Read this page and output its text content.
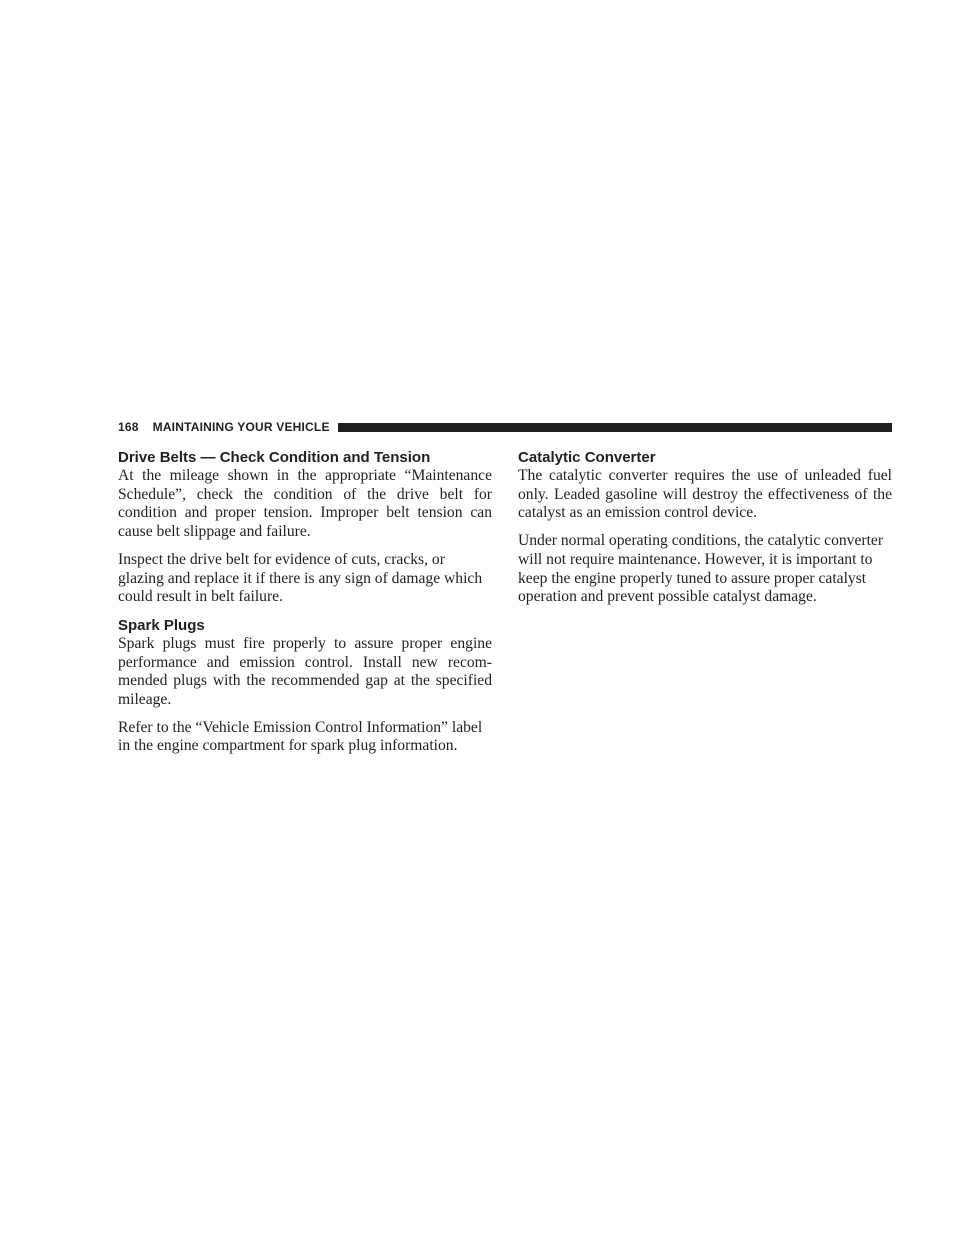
168 MAINTAINING YOUR VEHICLE
Drive Belts — Check Condition and Tension

At the mileage shown in the appropriate “Maintenance Schedule”, check the condition of the drive belt for condition and proper tension. Improper belt tension can cause belt slippage and failure.

Inspect the drive belt for evidence of cuts, cracks, or glazing and replace it if there is any sign of damage which could result in belt failure.

Spark Plugs

Spark plugs must fire properly to assure proper engine performance and emission control. Install new recommended plugs with the recommended gap at the specified mileage.

Refer to the “Vehicle Emission Control Information” label in the engine compartment for spark plug information.

Catalytic Converter

The catalytic converter requires the use of unleaded fuel only. Leaded gasoline will destroy the effectiveness of the catalyst as an emission control device.

Under normal operating conditions, the catalytic converter will not require maintenance. However, it is important to keep the engine properly tuned to assure proper catalyst operation and prevent possible catalyst damage.
